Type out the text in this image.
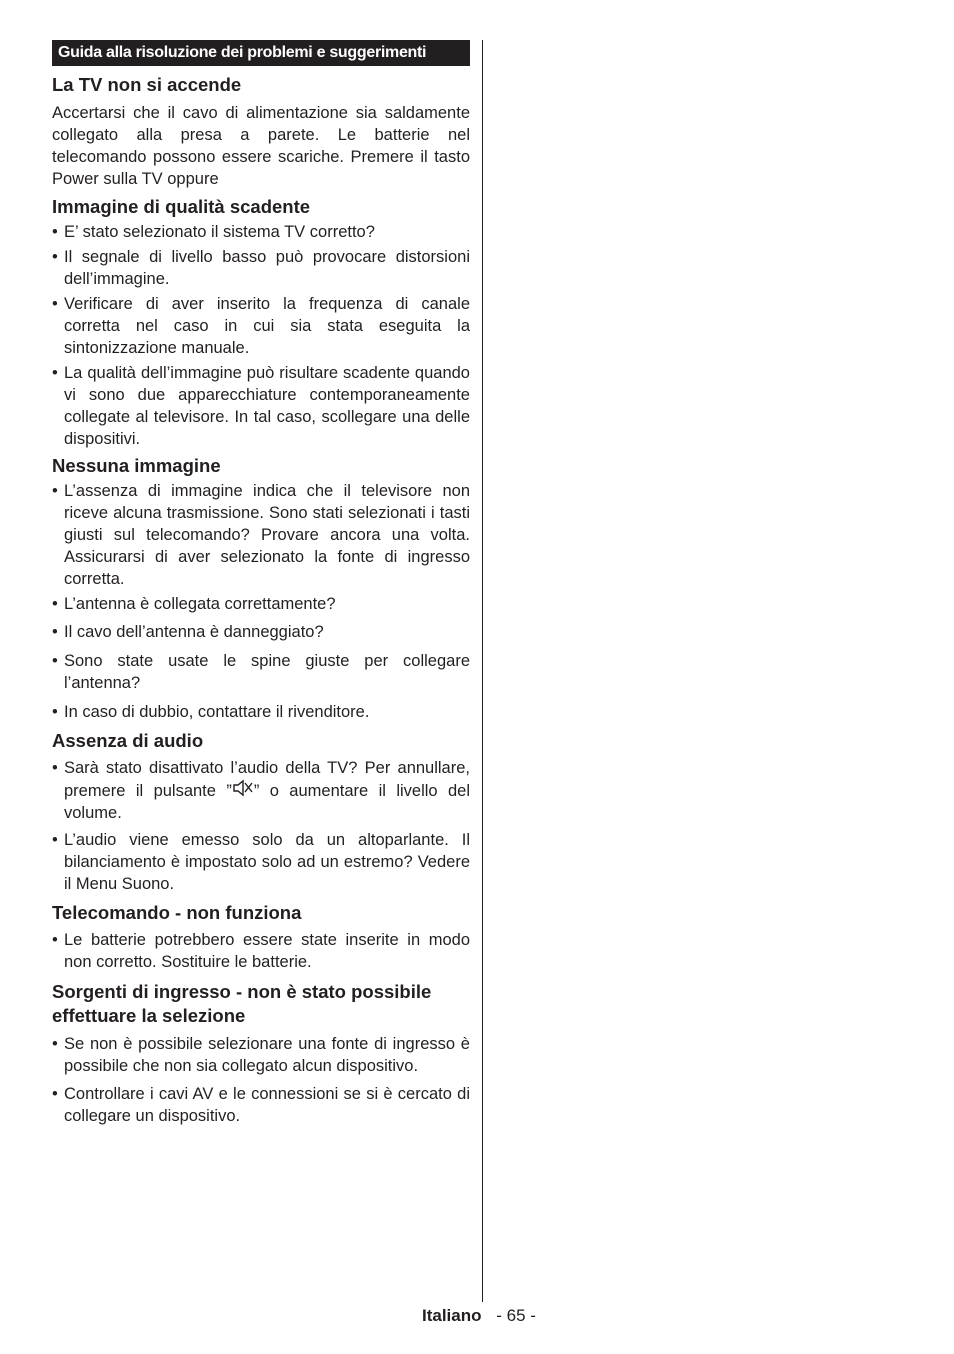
Guida alla risoluzione dei problemi e suggerimenti
La TV non si accende

Accertarsi che il cavo di alimentazione sia saldamente collegato alla presa a parete. Le batterie nel telecomando possono essere scariche. Premere il tasto Power sulla TV oppure

Immagine di qualità scadente
• E’ stato selezionato il sistema TV corretto?
• Il segnale di livello basso può provocare distorsioni dell’immagine.
• Verificare di aver inserito la frequenza di canale corretta nel caso in cui sia stata eseguita la sintonizzazione manuale.
• La qualità dell’immagine può risultare scadente quando vi sono due apparecchiature contemporaneamente collegate al televisore. In tal caso, scollegare una delle dispositivi.
Nessuna immagine
• L’assenza di immagine indica che il televisore non riceve alcuna trasmissione. Sono stati selezionati i tasti giusti sul telecomando? Provare ancora una volta. Assicurarsi di aver selezionato la fonte di ingresso corretta.
• L’antenna è collegata correttamente?
• Il cavo dell’antenna è danneggiato?
• Sono state usate le spine giuste per collegare l’antenna?
• In caso di dubbio, contattare il rivenditore.
Assenza di audio
• Sarà stato disattivato l’audio della TV? Per annullare, premere il pulsante ” ” o aumentare il livello del volume.
• L’audio viene emesso solo da un altoparlante. Il bilanciamento è impostato solo ad un estremo? Vedere il Menu Suono.
Telecomando - non funziona
• Le batterie potrebbero essere state inserite in modo non corretto. Sostituire le batterie.
Sorgenti di ingresso - non è stato possibile effettuare la selezione
• Se non è possibile selezionare una fonte di ingresso è possibile che non sia collegato alcun dispositivo.
• Controllare i cavi AV e le connessioni se si è cercato di collegare un dispositivo.
Italiano - 65 -
